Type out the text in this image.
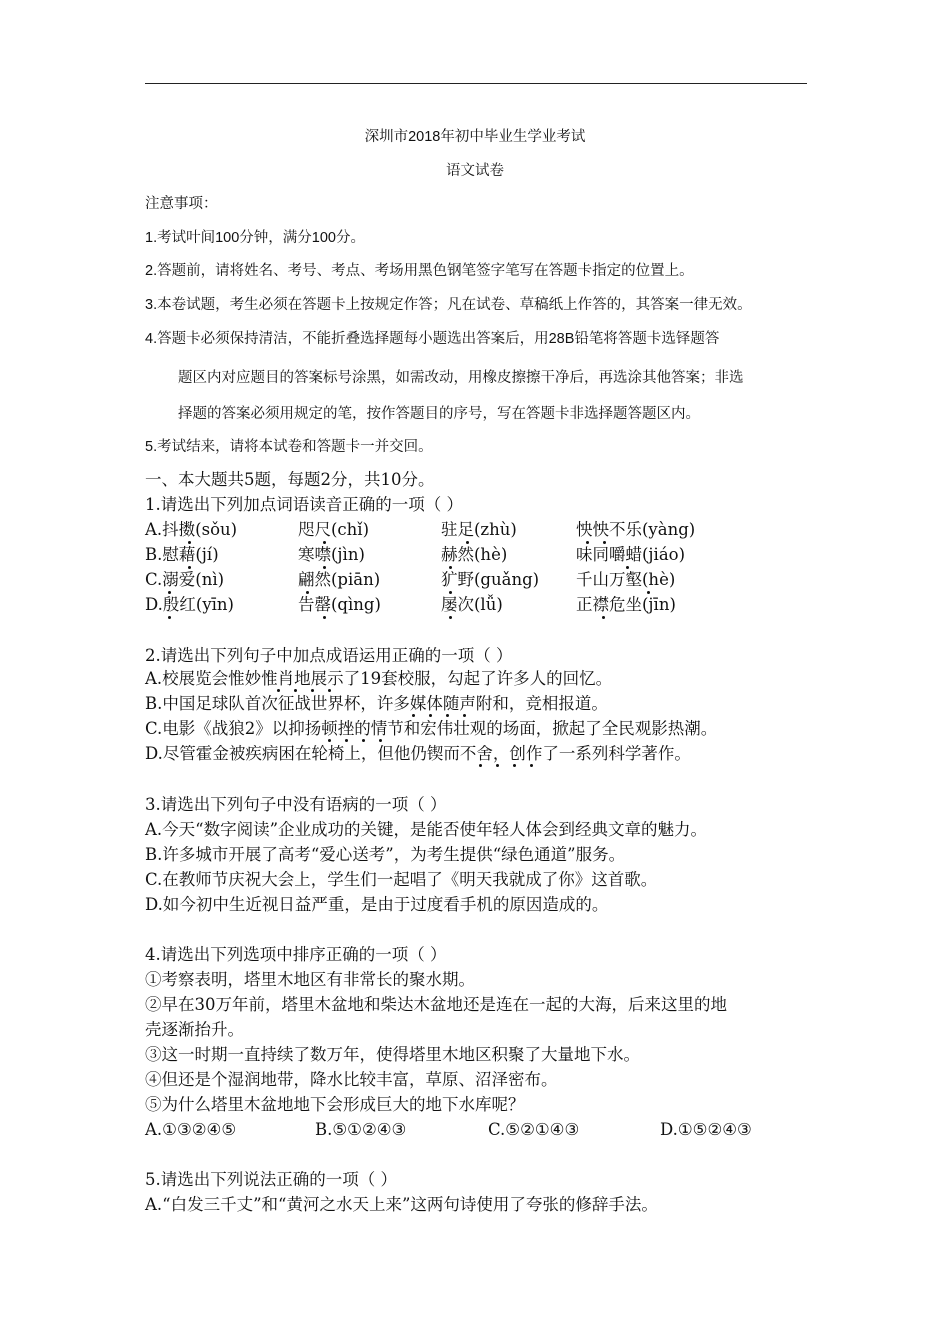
深圳市2018年初中毕业生学业考试
语文试卷
注意事项：
1.考试叶间100分钟，满分100分。
2.答题前，请将姓名、考号、考点、考场用黑色钢笔签字笔写在答题卡指定的位置上。
3.本卷试题，考生必须在答题卡上按规定作答；凡在试卷、草稿纸上作答的，其答案一律无效。
4.答题卡必须保持清洁，不能折叠选择题每小题选出答案后，用28B铅笔将答题卡选铎题答
题区内对应题目的答案标号涂黑，如需改动，用橡皮擦擦干净后，再选涂其他答案；非选
择题的答案必须用规定的笔，按作答题目的序号，写在答题卡非选择题答题区内。
5.考试结来，请将本试卷和答题卡一并交回。
一、本大题共5题，每题2分，共10分。
1.请选出下列加点词语读音正确的一项（ ）
A.抖擞(sǒu)	咫尺(chǐ)	驻足(zhù)	怏怏不乐(yàng)
B.慰藉(jí)	寒噤(jìn)	赫然(hè)	味同嚼蜡(jiáo)
C.溺爱(nì)	翩然(piān)	犷野(guǎng) 千山万壑(hè)
D.殷红(yīn)	告罄(qìng)	屡次(lǚ)	正襟危坐(jīn)
2.请选出下列句子中加点成语运用正确的一项（ ）
A.校展览会惟妙惟肖地展示了19套校服，勾起了许多人的回忆。
B.中国足球队首次征战世界杯，许多媒体随声附和，竞相报道。
C.电影《战狼2》以抑扬顿挫的情节和宏伟壮观的场面，掀起了全民观影热潮。
D.尽管霍金被疾病困在轮椅上，但他仍锲而不舍，创作了一系列科学著作。
3.请选出下列句子中没有语病的一项（ ）
A.今天“数字阅读”企业成功的关键，是能否使年轻人体会到经典文章的魅力。
B.许多城市开展了高考“爱心送考”，为考生提供“绿色通道”服务。
C.在教师节庆祝大会上，学生们一起唱了《明天我就成了你》这首歌。
D.如今初中生近视日益严重，是由于过度看手机的原因造成的。
4.请选出下列选项中排序正确的一项（ ）
①考察表明，塔里木地区有非常长的聚水期。
②早在30万年前，塔里木盆地和柴达木盆地还是连在一起的大海，后来这里的地
壳逐渐抬升。
③这一时期一直持续了数万年，使得塔里木地区积聚了大量地下水。
④但还是个湿润地带，降水比较丰富，草原、沼泽密布。
⑤为什么塔里木盆地地下会形成巨大的地下水库呢？
A.①③②④⑤	B.⑤①②④③	C.⑤②①④③	D.①⑤②④③
5.请选出下列说法正确的一项（ ）
A.“白发三千丈”和“黄河之水天上来”这两句诗使用了夸张的修辞手法。
